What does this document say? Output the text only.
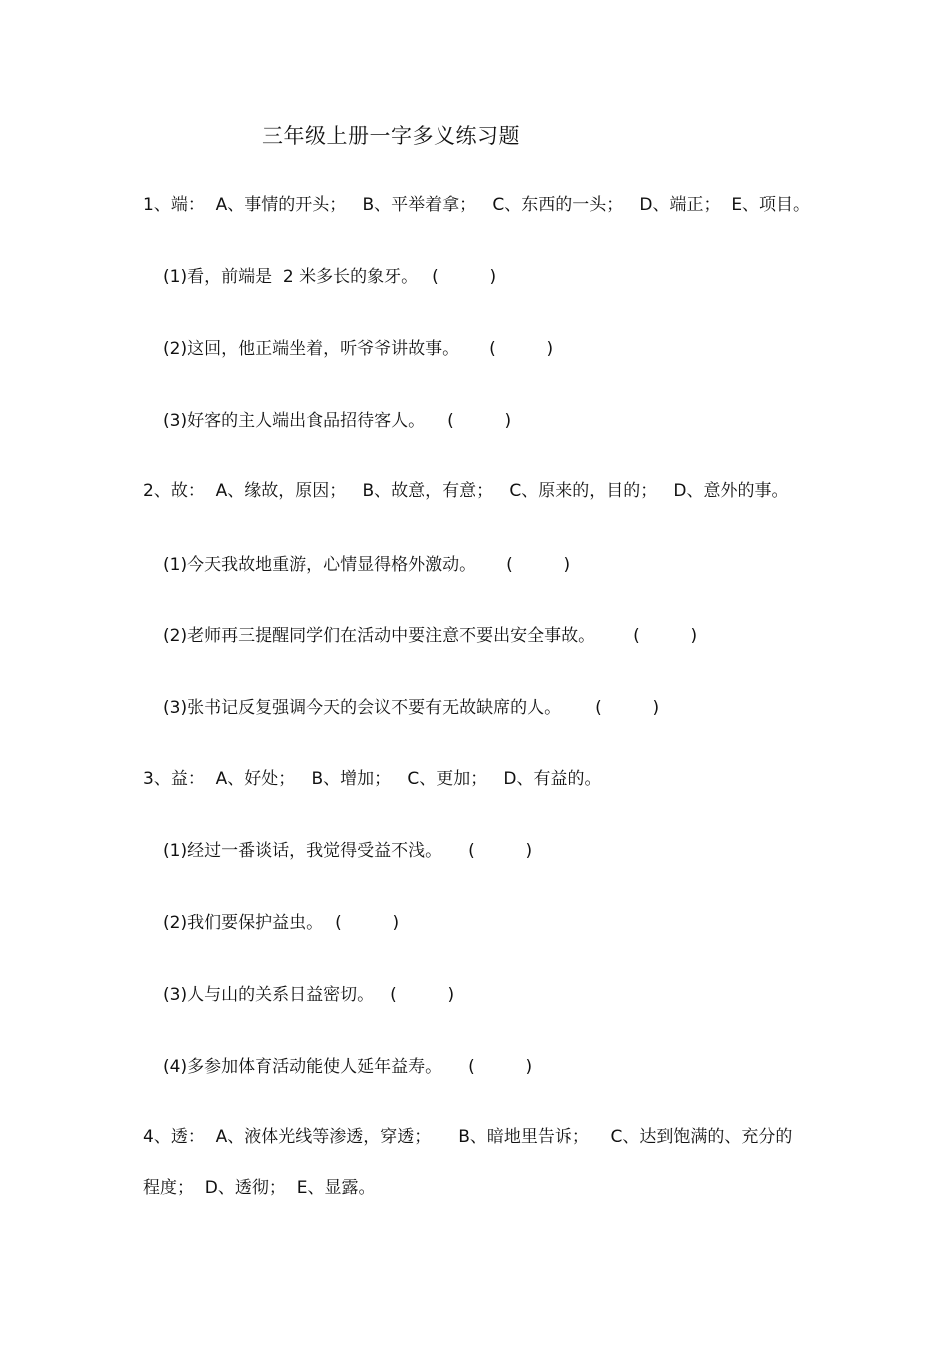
三年级上册一字多义练习题
1、端：  A、事情的开头；   B、平举着拿；   C、东西的一头；   D、端正；  E、项目。
(1)看，前端是  2 米多长的象牙。 (	)
(2)这回，他正端坐着，听爷爷讲故事。 (	)
(3)好客的主人端出食品招待客人。 (	)
2、故：  A、缘故，原因；   B、故意，有意；   C、原来的，目的；   D、意外的事。
(1)今天我故地重游，心情显得格外激动。 (	)
(2)老师再三提醒同学们在活动中要注意不要出安全事故。 (	)
(3)张书记反复强调今天的会议不要有无故缺席的人。 (	)
3、益：  A、好处；   B、增加；   C、更加；   D、有益的。
(1)经过一番谈话，我觉得受益不浅。 (	)
(2)我们要保护益虫。 (	)
(3)人与山的关系日益密切。 (	)
(4)多参加体育活动能使人延年益寿。 (	)
4、透：  A、液体光线等渗透，穿透；     B、暗地里告诉；    C、达到饱满的、充分的
程度；  D、透彻；  E、显露。
